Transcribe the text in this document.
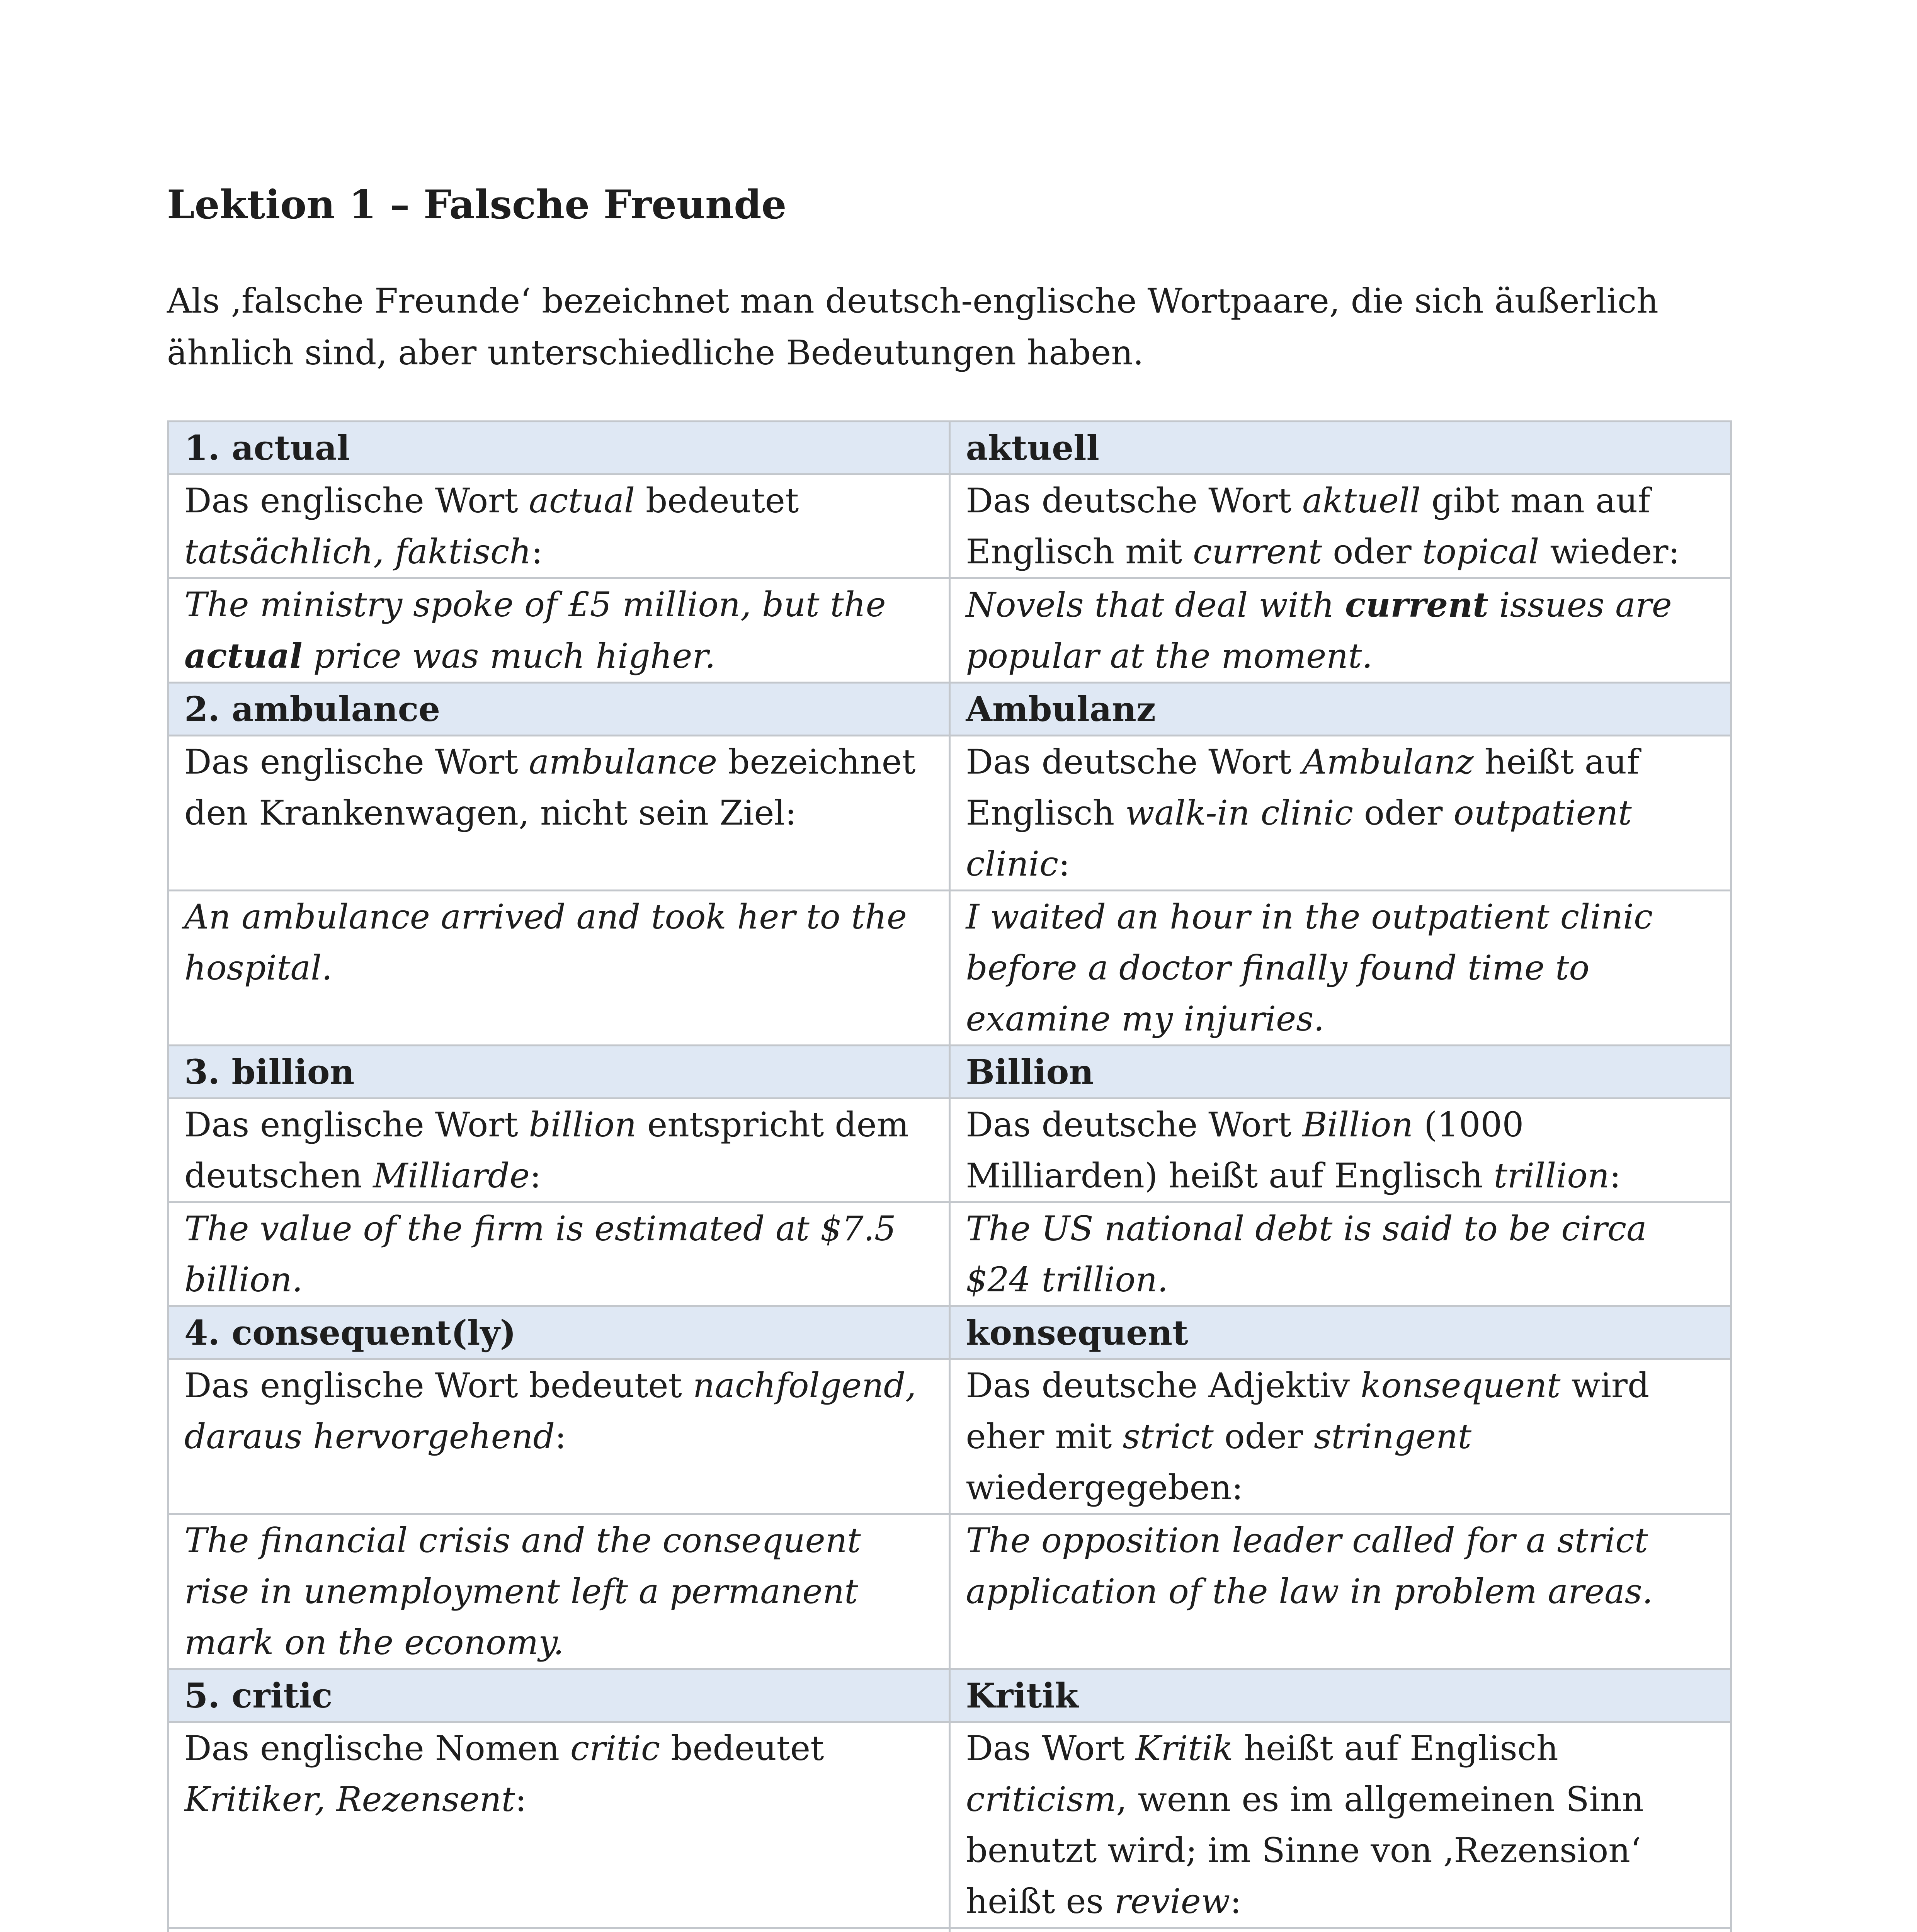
Lektion 1 – Falsche Freunde

Als ‚falsche Freunde‘ bezeichnet man deutsch-englische Wortpaare, die sich äußerlich ähnlich sind, aber unterschiedliche Bedeutungen haben.

1. actual	aktuell
Das englische Wort actual bedeutet tatsächlich, faktisch:	Das deutsche Wort aktuell gibt man auf Englisch mit current oder topical wieder:
The ministry spoke of £5 million, but the actual price was much higher.	Novels that deal with current issues are popular at the moment.
2. ambulance	Ambulanz
Das englische Wort ambulance bezeichnet den Krankenwagen, nicht sein Ziel:	Das deutsche Wort Ambulanz heißt auf Englisch walk-in clinic oder outpatient clinic:
An ambulance arrived and took her to the hospital.	I waited an hour in the outpatient clinic before a doctor finally found time to examine my injuries.
3. billion	Billion
Das englische Wort billion entspricht dem deutschen Milliarde:	Das deutsche Wort Billion (1000 Milliarden) heißt auf Englisch trillion:
The value of the firm is estimated at $7.5 billion.	The US national debt is said to be circa $24 trillion.
4. consequent(ly)	konsequent
Das englische Wort bedeutet nachfolgend, daraus hervorgehend:	Das deutsche Adjektiv konsequent wird eher mit strict oder stringent wiedergegeben:
The financial crisis and the consequent rise in unemployment left a permanent mark on the economy.	The opposition leader called for a strict application of the law in problem areas.
5. critic	Kritik
Das englische Nomen critic bedeutet Kritiker, Rezensent:	Das Wort Kritik heißt auf Englisch criticism, wenn es im allgemeinen Sinn benutzt wird; im Sinne von ‚Rezension‘ heißt es review:
